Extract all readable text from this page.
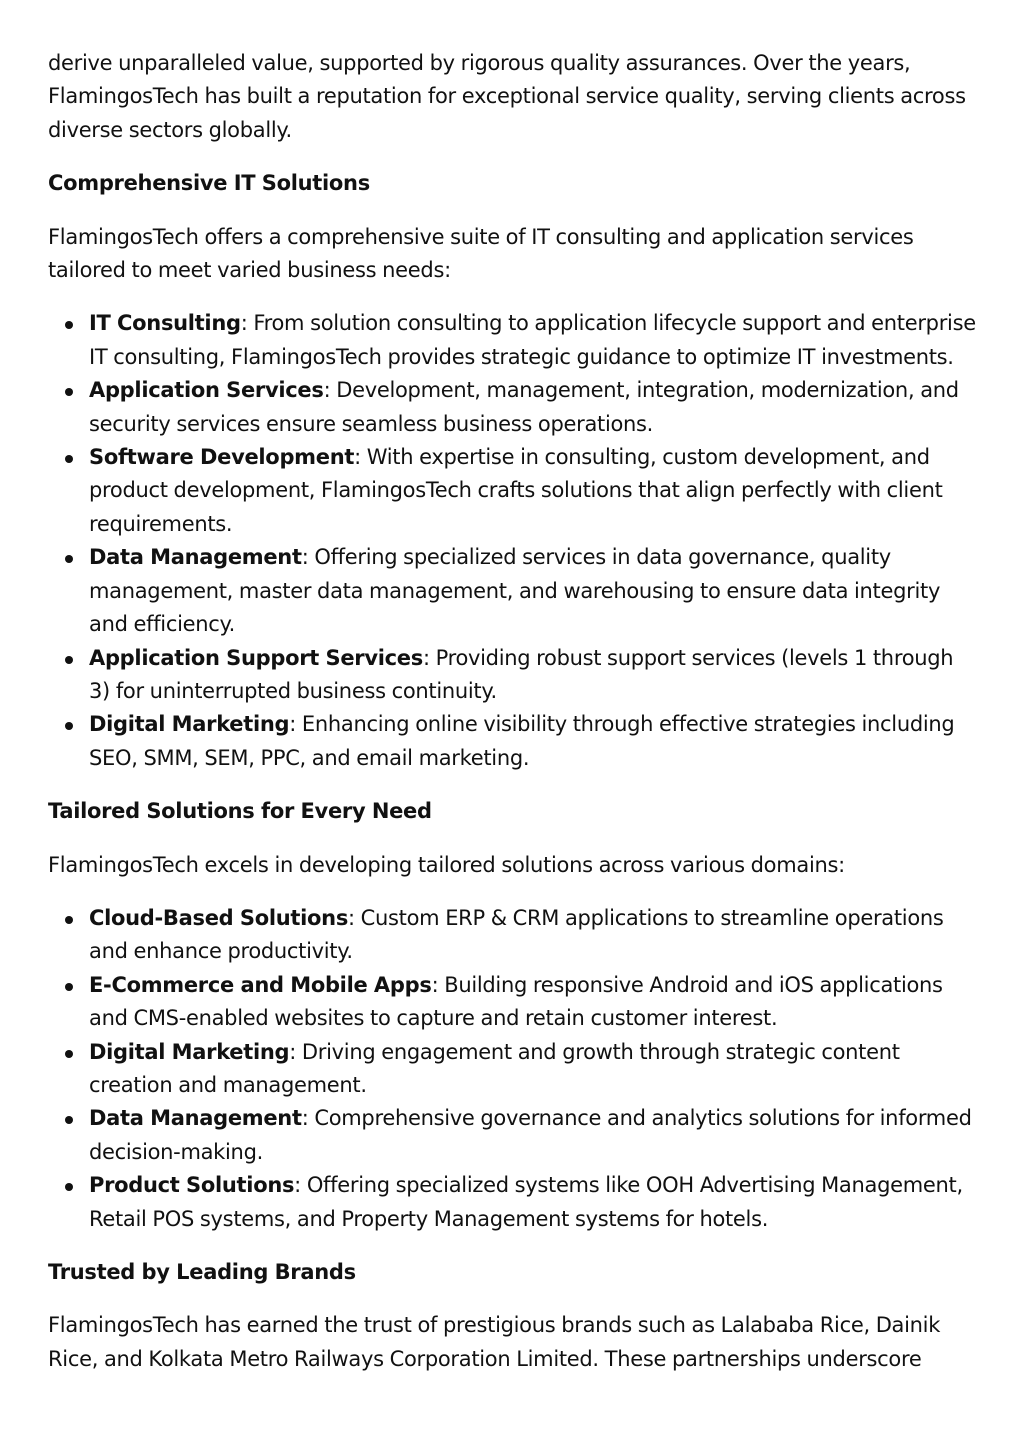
derive unparalleled value, supported by rigorous quality assurances. Over the years, FlamingosTech has built a reputation for exceptional service quality, serving clients across diverse sectors globally.

Comprehensive IT Solutions

FlamingosTech offers a comprehensive suite of IT consulting and application services tailored to meet varied business needs:

IT Consulting: From solution consulting to application lifecycle support and enterprise IT consulting, FlamingosTech provides strategic guidance to optimize IT investments.
Application Services: Development, management, integration, modernization, and security services ensure seamless business operations.
Software Development: With expertise in consulting, custom development, and product development, FlamingosTech crafts solutions that align perfectly with client requirements.
Data Management: Offering specialized services in data governance, quality management, master data management, and warehousing to ensure data integrity and efficiency.
Application Support Services: Providing robust support services (levels 1 through 3) for uninterrupted business continuity.
Digital Marketing: Enhancing online visibility through effective strategies including SEO, SMM, SEM, PPC, and email marketing.
Tailored Solutions for Every Need

FlamingosTech excels in developing tailored solutions across various domains:

Cloud-Based Solutions: Custom ERP & CRM applications to streamline operations and enhance productivity.
E-Commerce and Mobile Apps: Building responsive Android and iOS applications and CMS-enabled websites to capture and retain customer interest.
Digital Marketing: Driving engagement and growth through strategic content creation and management.
Data Management: Comprehensive governance and analytics solutions for informed decision-making.
Product Solutions: Offering specialized systems like OOH Advertising Management, Retail POS systems, and Property Management systems for hotels.
Trusted by Leading Brands

FlamingosTech has earned the trust of prestigious brands such as Lalababa Rice, Dainik Rice, and Kolkata Metro Railways Corporation Limited. These partnerships underscore
